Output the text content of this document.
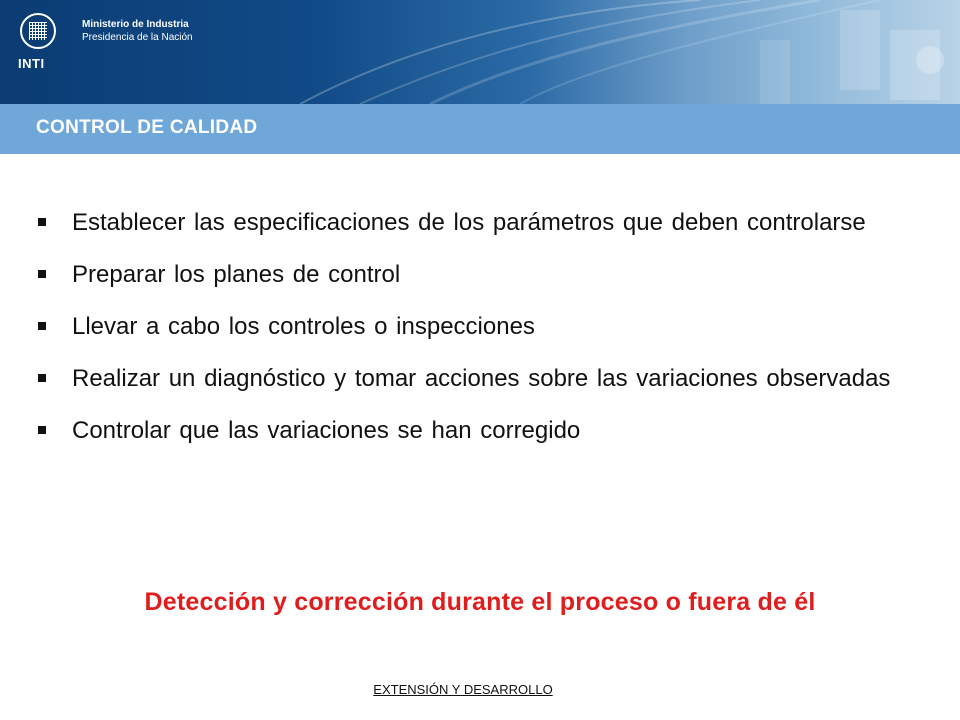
INTI
Ministerio de Industria
Presidencia de la Nación
CONTROL DE CALIDAD
Establecer las especificaciones de los parámetros que deben controlarse
Preparar los planes de control
Llevar a cabo los controles o inspecciones
Realizar un diagnóstico y tomar acciones sobre las variaciones observadas
Controlar que las variaciones se han corregido
Detección y corrección durante el proceso o fuera de él
EXTENSIÓN Y DESARROLLO
